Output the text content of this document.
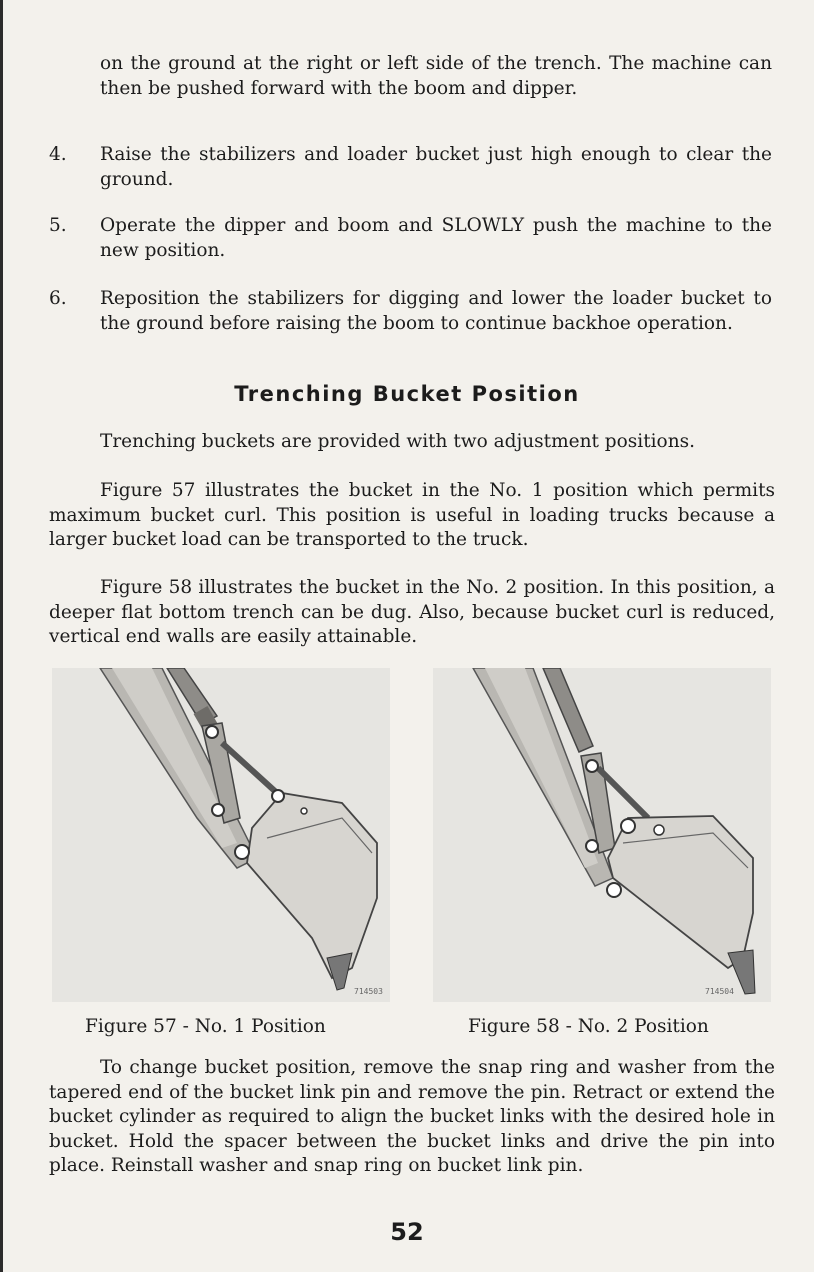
on the ground at the right or left side of the trench. The machine can then be pushed forward with the boom and dipper.

4. Raise the stabilizers and loader bucket just high enough to clear the ground.

5. Operate the dipper and boom and SLOWLY push the machine to the new position.

6. Reposition the stabilizers for digging and lower the loader bucket to the ground before raising the boom to continue backhoe operation.

Trenching Bucket Position

Trenching buckets are provided with two adjustment positions.

Figure 57 illustrates the bucket in the No. 1 position which permits maximum bucket curl. This position is useful in loading trucks because a larger bucket load can be transported to the truck.

Figure 58 illustrates the bucket in the No. 2 position. In this position, a deeper flat bottom trench can be dug. Also, because bucket curl is reduced, vertical end walls are easily attainable.

714503	714504
Figure 57 - No. 1 Position	Figure 58 - No. 2 Position

To change bucket position, remove the snap ring and washer from the tapered end of the bucket link pin and remove the pin. Retract or extend the bucket cylinder as required to align the bucket links with the desired hole in bucket. Hold the spacer between the bucket links and drive the pin into place. Reinstall washer and snap ring on bucket link pin.

52
